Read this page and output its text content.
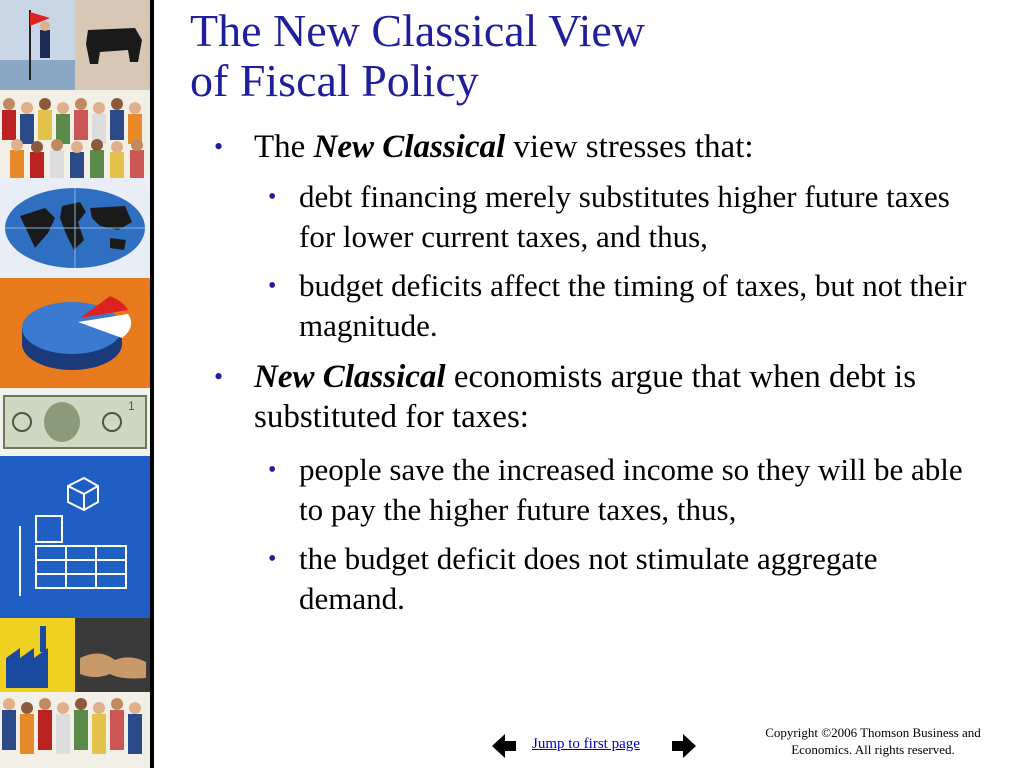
1
The New Classical View
of Fiscal Policy
• The New Classical view stresses that:
• debt financing merely substitutes higher future taxes for lower current taxes, and thus,
• budget deficits affect the timing of taxes, but not their magnitude.
• New Classical economists argue that when debt is substituted for taxes:
• people save the increased income so they will be able to pay the higher future taxes, thus,
• the budget deficit does not stimulate aggregate demand.
Jump to first page
Copyright ©2006 Thomson Business and
Economics. All rights reserved.
